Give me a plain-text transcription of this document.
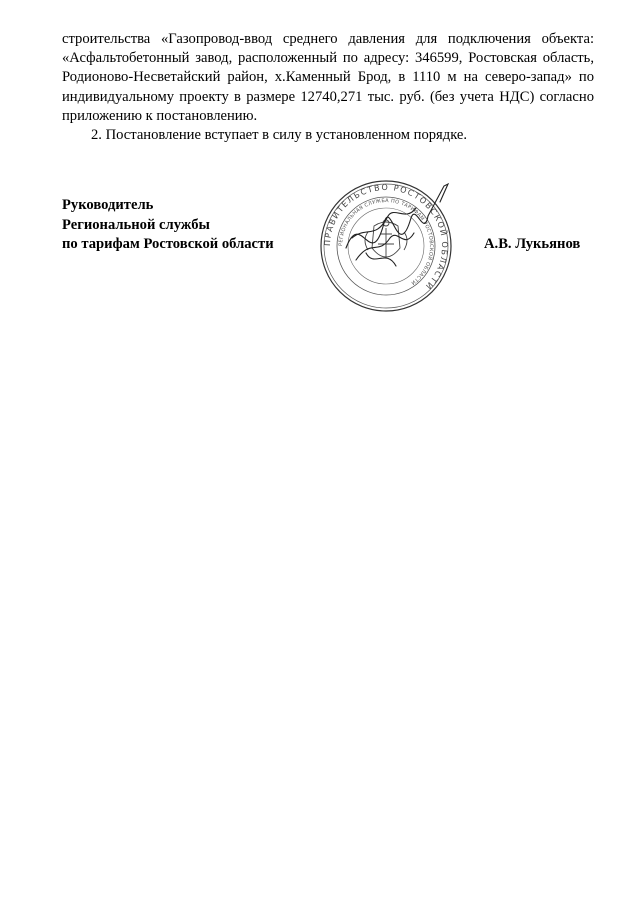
строительства «Газопровод-ввод среднего давления для подключения объекта: «Асфальтобетонный завод, расположенный по адресу: 346599, Ростовская область, Родионово-Несветайский район, х.Каменный Брод, в 1110 м на северо-запад» по индивидуальному проекту в размере 12740,271 тыс. руб. (без учета НДС) согласно приложению к постановлению.

2. Постановление вступает в силу в установленном порядке.

Руководитель
Региональной службы
по тарифам Ростовской области	ПРАВИТЕЛЬСТВО РОСТОВСКОЙ ОБЛАСТИ
РЕГИОНАЛЬНАЯ СЛУЖБА ПО ТАРИФАМ РОСТОВСКОЙ ОБЛАСТИ
А.В. Лукьянов
